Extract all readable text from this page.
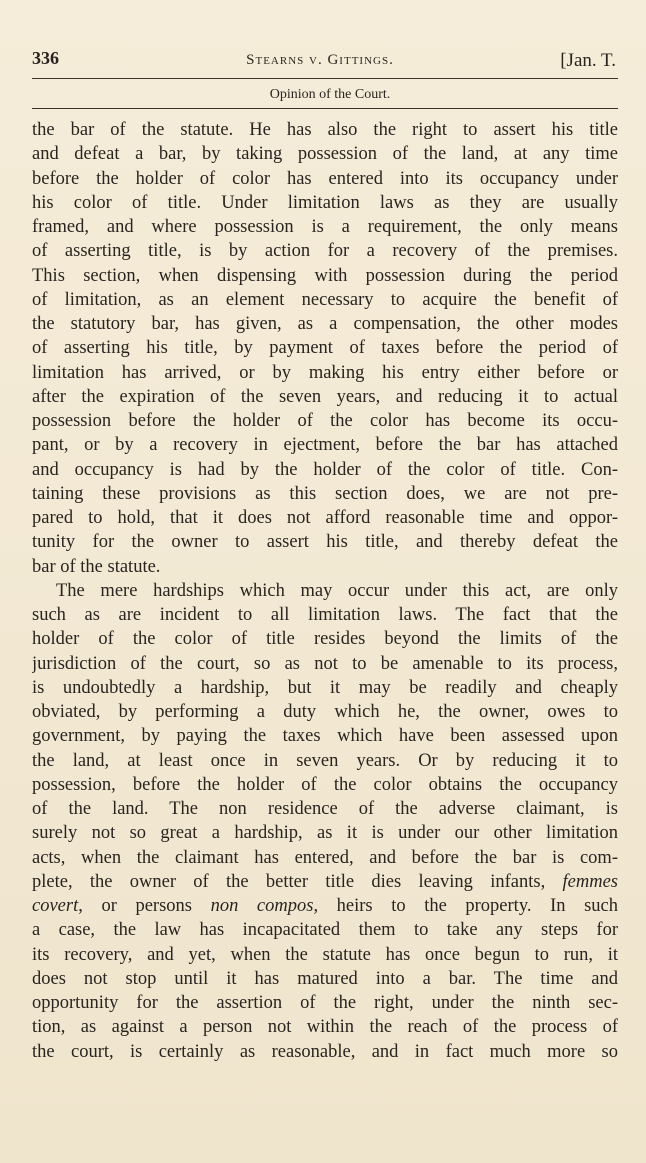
336	Stearns v. Gittings.	[Jan. T.
Opinion of the Court.
the bar of the statute. He has also the right to assert his title
and defeat a bar, by taking possession of the land, at any time
before the holder of color has entered into its occupancy under
his color of title. Under limitation laws as they are usually
framed, and where possession is a requirement, the only means
of asserting title, is by action for a recovery of the premises.
This section, when dispensing with possession during the period
of limitation, as an element necessary to acquire the benefit of
the statutory bar, has given, as a compensation, the other modes
of asserting his title, by payment of taxes before the period of
limitation has arrived, or by making his entry either before or
after the expiration of the seven years, and reducing it to actual
possession before the holder of the color has become its occu-
pant, or by a recovery in ejectment, before the bar has attached
and occupancy is had by the holder of the color of title. Con-
taining these provisions as this section does, we are not pre-
pared to hold, that it does not afford reasonable time and oppor-
tunity for the owner to assert his title, and thereby defeat the
bar of the statute.
The mere hardships which may occur under this act, are only
such as are incident to all limitation laws. The fact that the
holder of the color of title resides beyond the limits of the
jurisdiction of the court, so as not to be amenable to its process,
is undoubtedly a hardship, but it may be readily and cheaply
obviated, by performing a duty which he, the owner, owes to
government, by paying the taxes which have been assessed upon
the land, at least once in seven years. Or by reducing it to
possession, before the holder of the color obtains the occupancy
of the land. The non residence of the adverse claimant, is
surely not so great a hardship, as it is under our other limitation
acts, when the claimant has entered, and before the bar is com-
plete, the owner of the better title dies leaving infants, femmes
covert, or persons non compos, heirs to the property. In such
a case, the law has incapacitated them to take any steps for
its recovery, and yet, when the statute has once begun to run, it
does not stop until it has matured into a bar. The time and
opportunity for the assertion of the right, under the ninth sec-
tion, as against a person not within the reach of the process of
the court, is certainly as reasonable, and in fact much more so
